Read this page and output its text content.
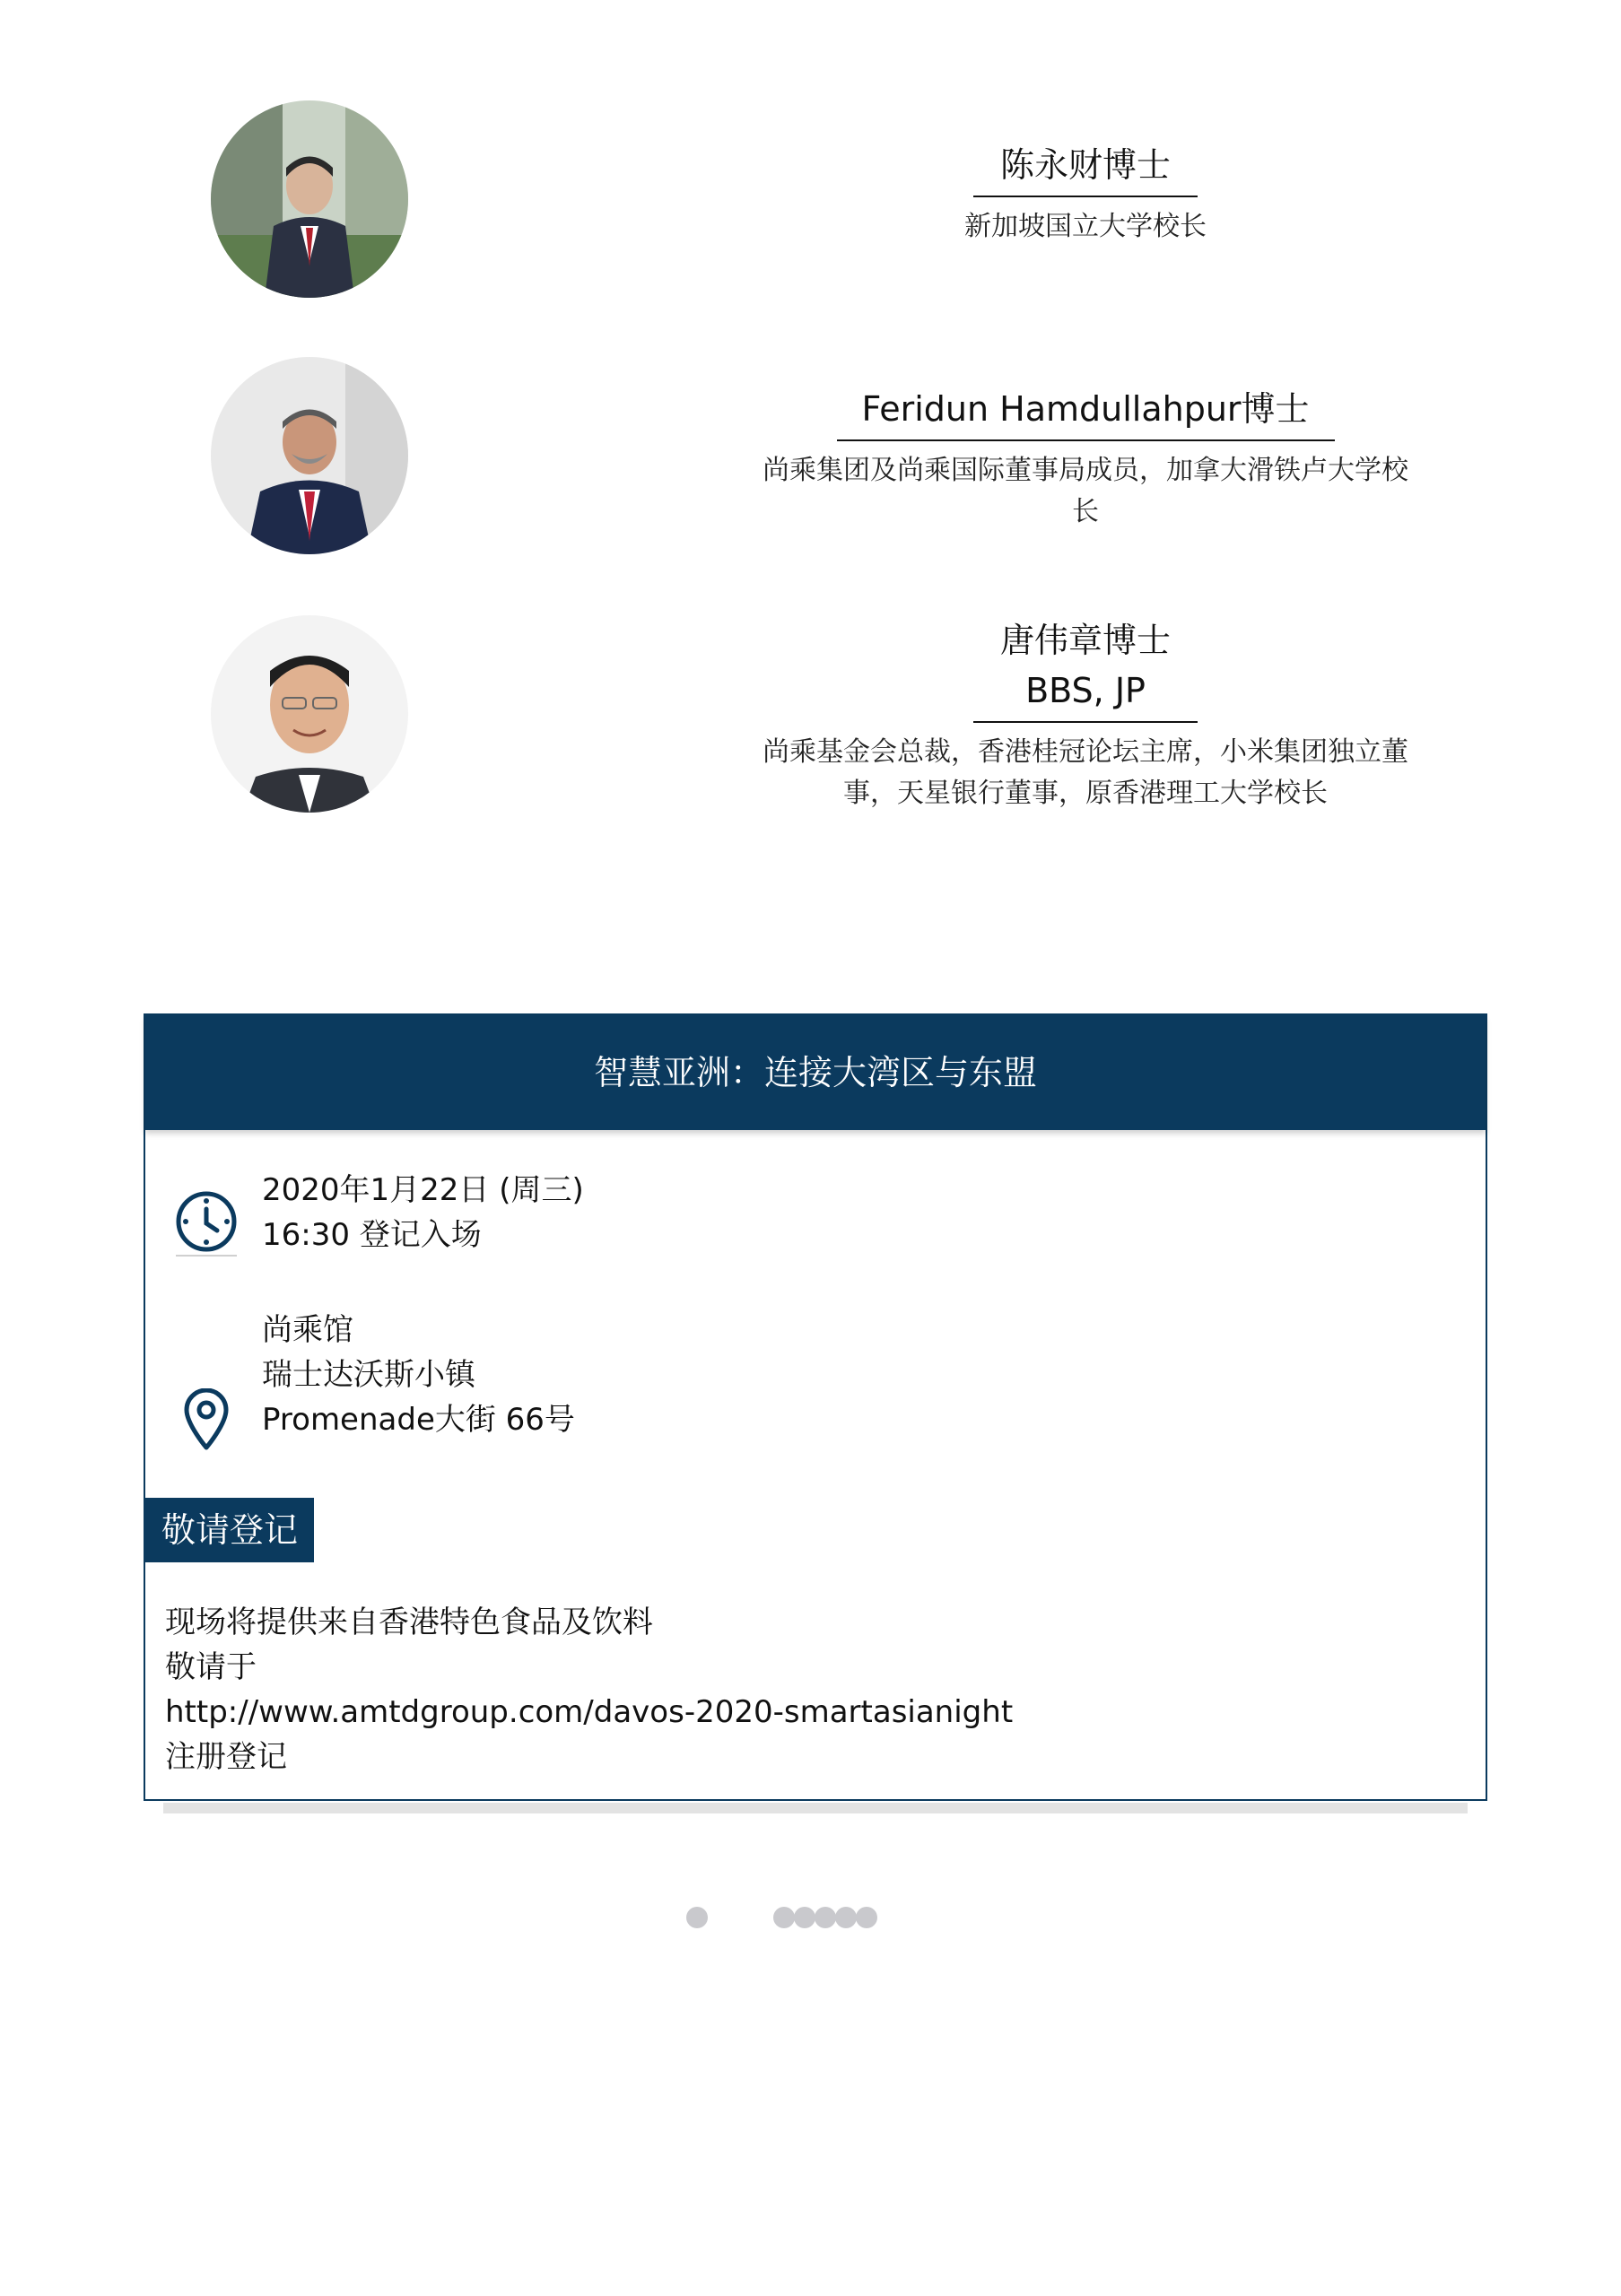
陈永财博士
新加坡国立大学校长
Feridun Hamdullahpur博士
尚乘集团及尚乘国际董事局成员，加拿大滑铁卢大学校
长
唐伟章博士
BBS, JP
尚乘基金会总裁，香港桂冠论坛主席，小米集团独立董
事，天星银行董事，原香港理工大学校长
智慧亚洲：连接大湾区与东盟
2020年1月22日 (周三)
16:30 登记入场
尚乘馆
瑞士达沃斯小镇
Promenade大街 66号
敬请登记
现场将提供来自香港特色食品及饮料
敬请于
http://www.amtdgroup.com/davos-2020-smartasianight
注册登记
